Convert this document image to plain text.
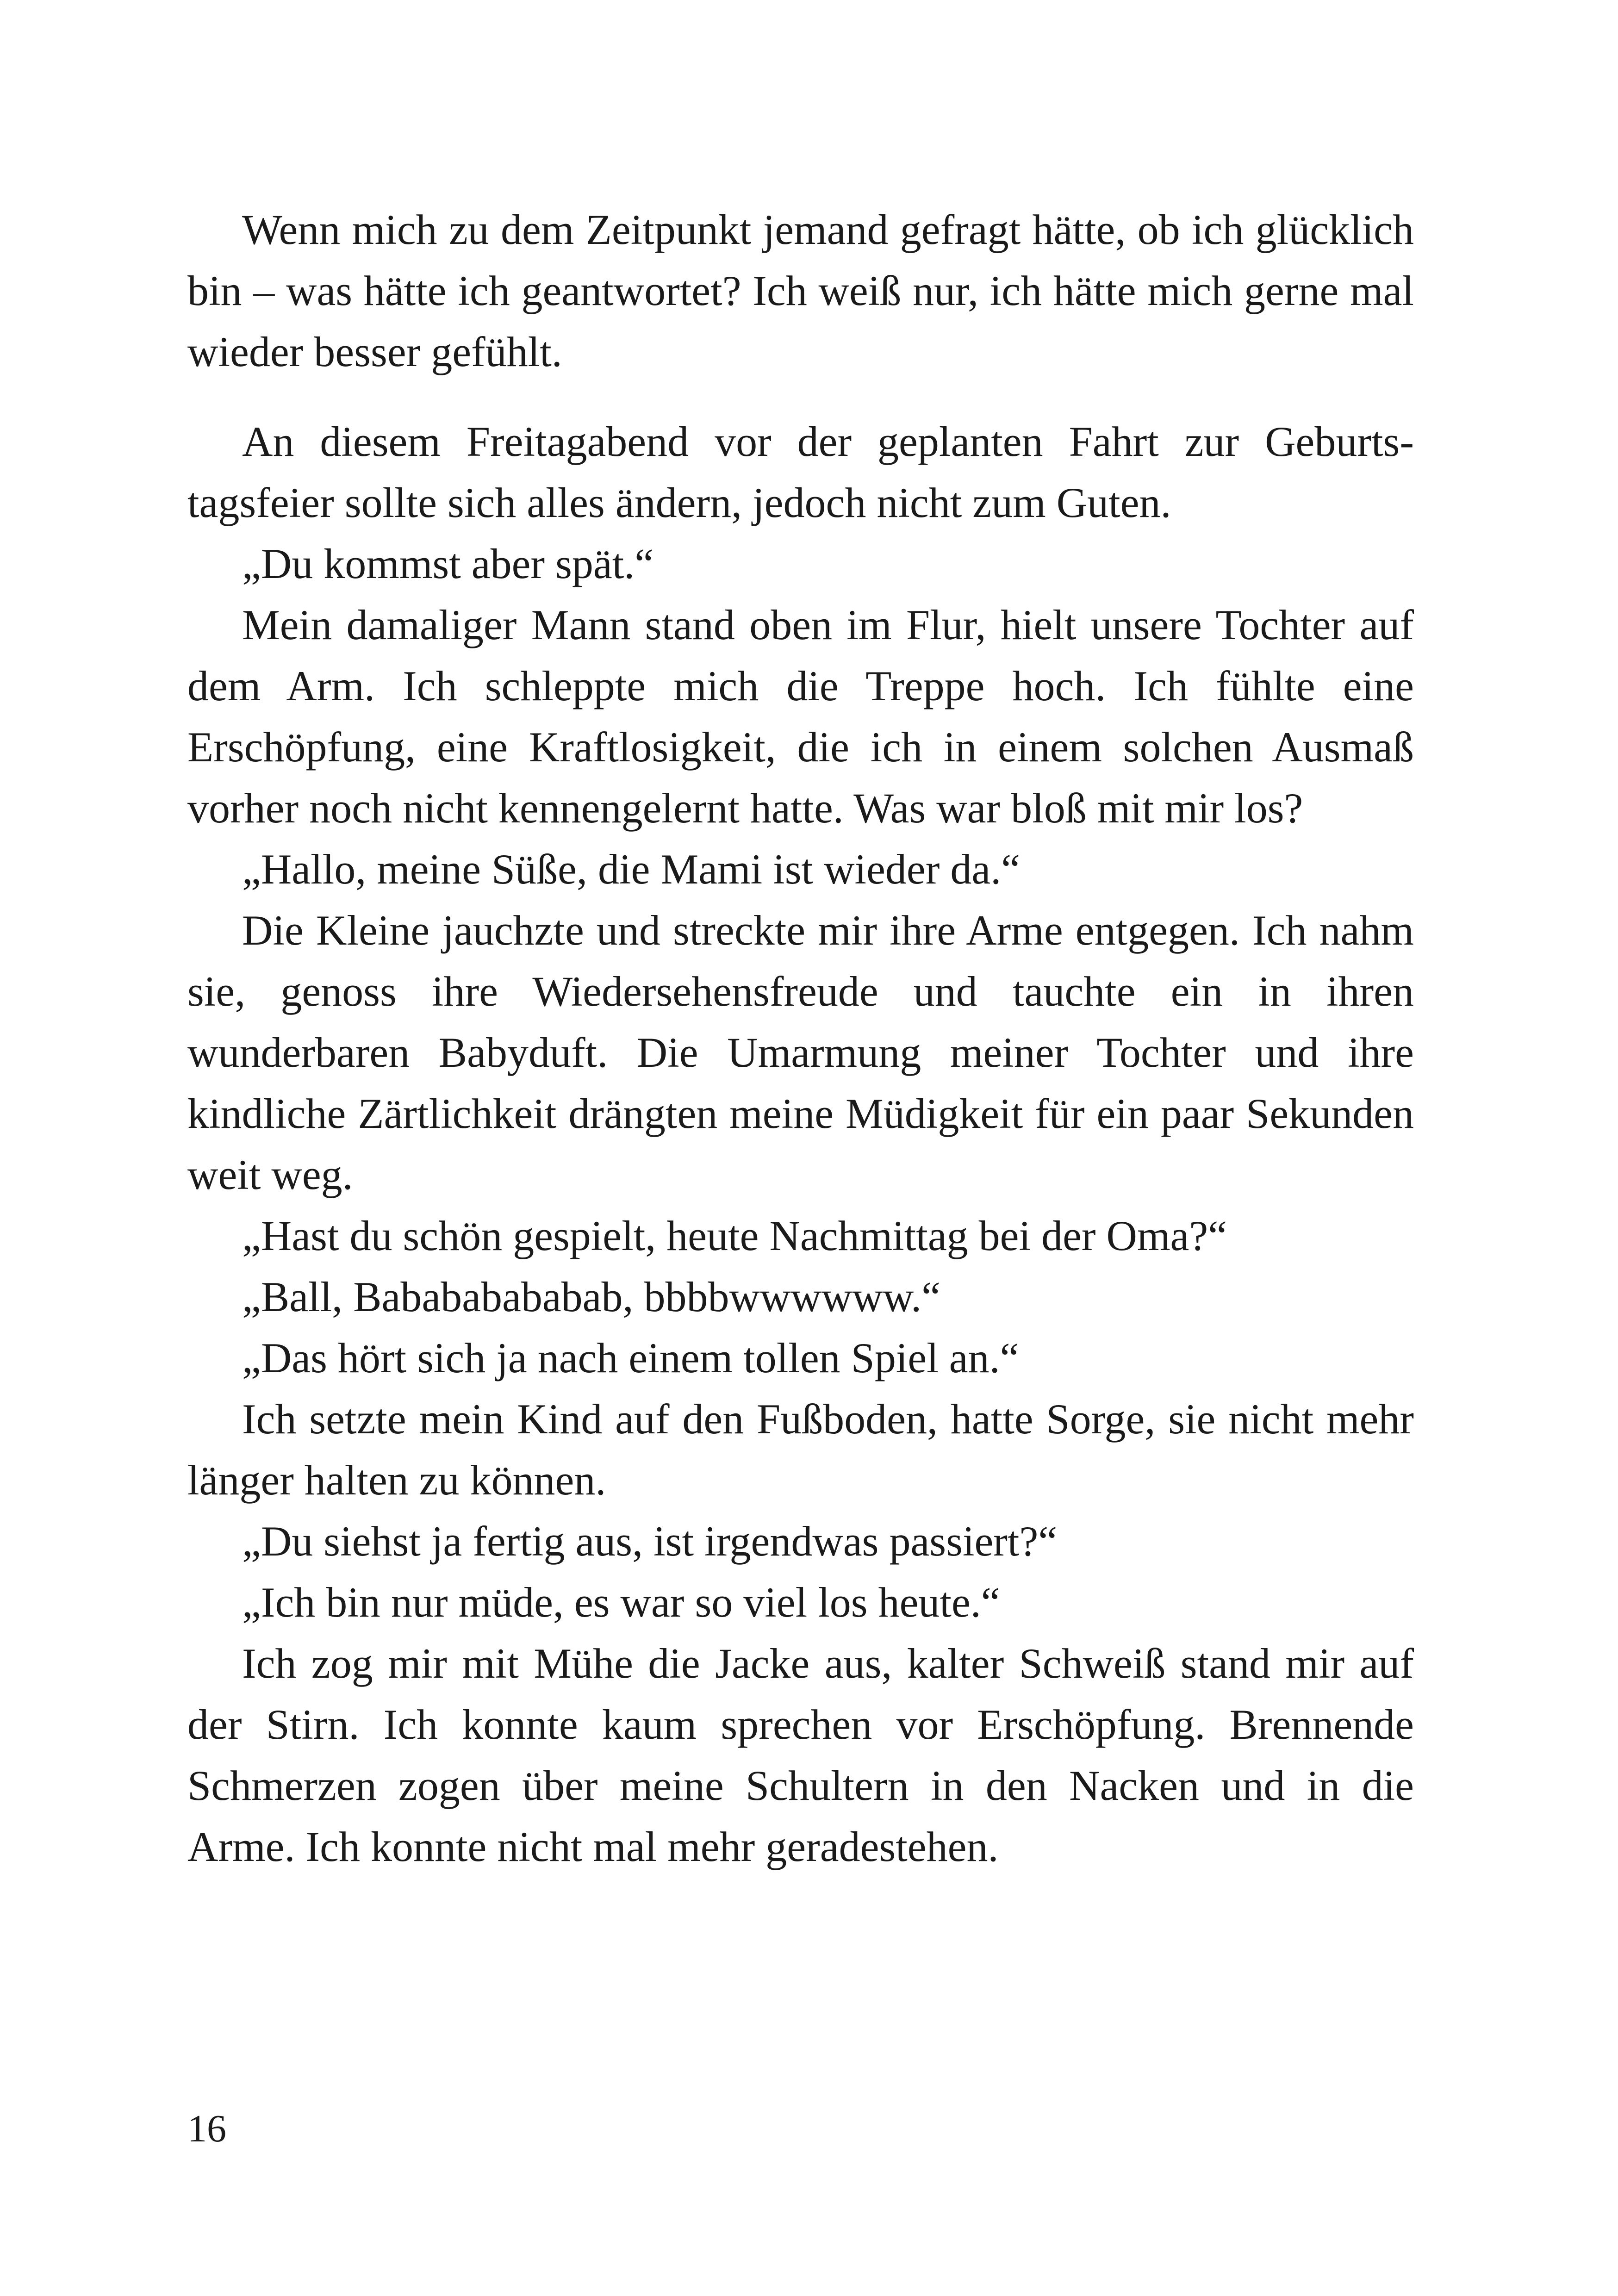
Wenn mich zu dem Zeitpunkt jemand gefragt hätte, ob ich glücklich bin – was hätte ich geantwortet? Ich weiß nur, ich hätte mich gerne mal wieder besser gefühlt.

An diesem Freitagabend vor der geplanten Fahrt zur Geburtstagsfeier sollte sich alles ändern, jedoch nicht zum Guten.

„Du kommst aber spät.“

Mein damaliger Mann stand oben im Flur, hielt unsere Tochter auf dem Arm. Ich schleppte mich die Treppe hoch. Ich fühlte eine Erschöpfung, eine Kraftlosigkeit, die ich in einem solchen Ausmaß vorher noch nicht kennengelernt hatte. Was war bloß mit mir los?

„Hallo, meine Süße, die Mami ist wieder da.“

Die Kleine jauchzte und streckte mir ihre Arme entgegen. Ich nahm sie, genoss ihre Wiedersehensfreude und tauchte ein in ihren wunderbaren Babyduft. Die Umarmung meiner Tochter und ihre kindliche Zärtlichkeit drängten meine Müdigkeit für ein paar Sekunden weit weg.

„Hast du schön gespielt, heute Nachmittag bei der Oma?“

„Ball, Babababababab, bbbbwwwwww.“

„Das hört sich ja nach einem tollen Spiel an.“

Ich setzte mein Kind auf den Fußboden, hatte Sorge, sie nicht mehr länger halten zu können.

„Du siehst ja fertig aus, ist irgendwas passiert?“

„Ich bin nur müde, es war so viel los heute.“

Ich zog mir mit Mühe die Jacke aus, kalter Schweiß stand mir auf der Stirn. Ich konnte kaum sprechen vor Erschöpfung. Brennende Schmerzen zogen über meine Schultern in den Nacken und in die Arme. Ich konnte nicht mal mehr geradestehen.

16
